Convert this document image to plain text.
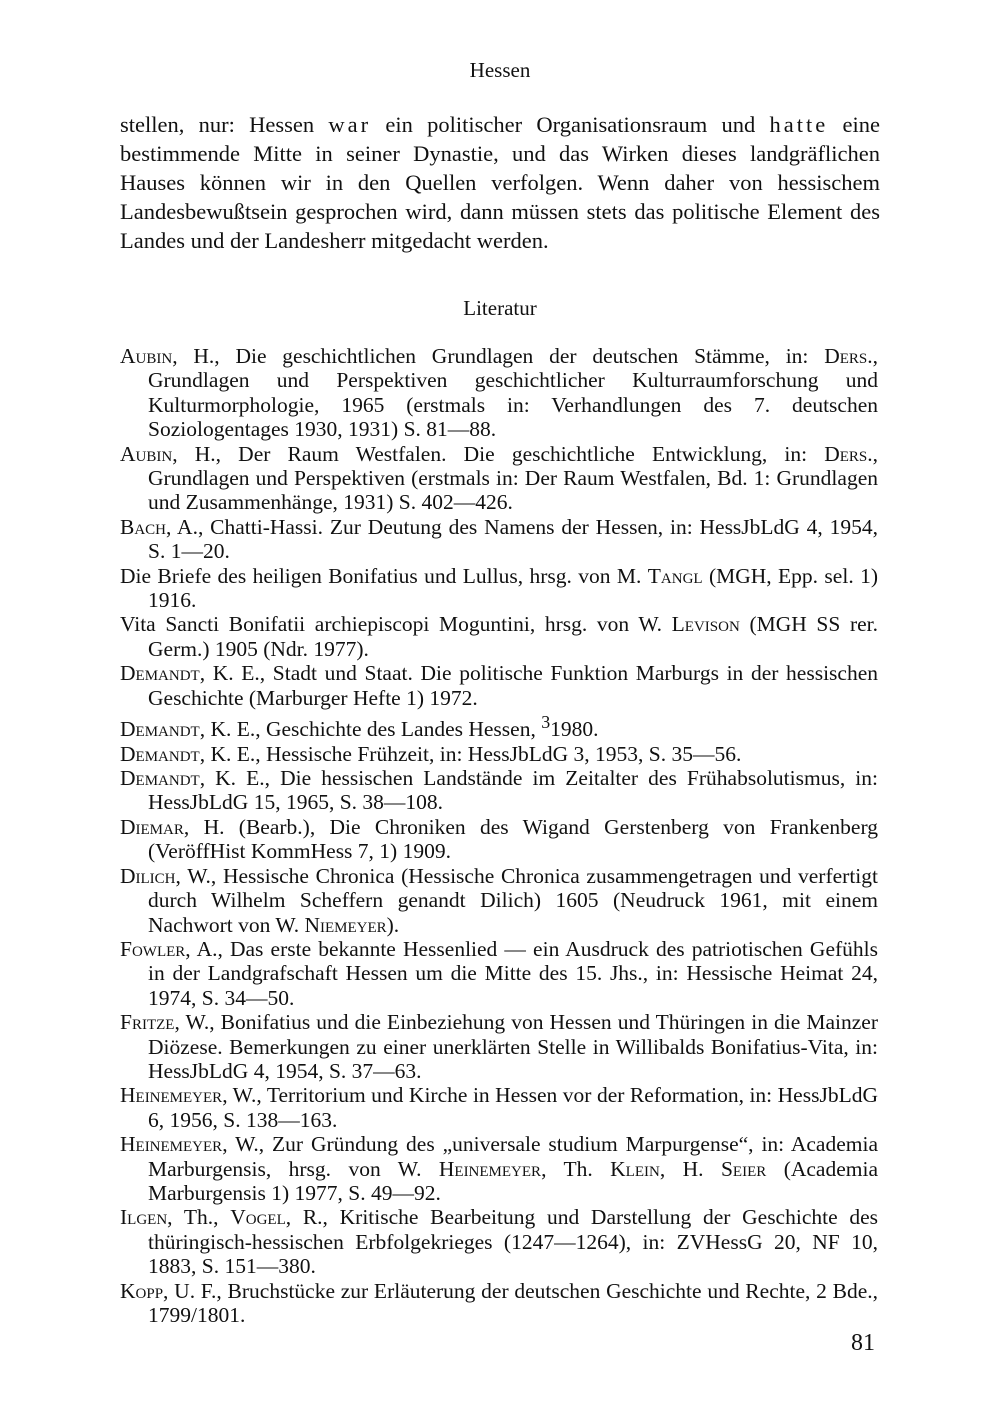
Hessen

stellen, nur: Hessen war ein politischer Organisationsraum und hatte eine bestimmende Mitte in seiner Dynastie, und das Wirken dieses landgräflichen Hauses können wir in den Quellen verfolgen. Wenn daher von hessischem Landesbewußtsein gesprochen wird, dann müssen stets das politische Element des Landes und der Landesherr mitgedacht werden.

Literatur
Aubin, H., Die geschichtlichen Grundlagen der deutschen Stämme, in: Ders., Grundlagen und Perspektiven geschichtlicher Kulturraumforschung und Kulturmorphologie, 1965 (erstmals in: Verhandlungen des 7. deutschen Soziologentages 1930, 1931) S. 81—88.
Aubin, H., Der Raum Westfalen. Die geschichtliche Entwicklung, in: Ders., Grundlagen und Perspektiven (erstmals in: Der Raum Westfalen, Bd. 1: Grundlagen und Zusammenhänge, 1931) S. 402—426.
Bach, A., Chatti-Hassi. Zur Deutung des Namens der Hessen, in: HessJbLdG 4, 1954, S. 1—20.
Die Briefe des heiligen Bonifatius und Lullus, hrsg. von M. Tangl (MGH, Epp. sel. 1) 1916.
Vita Sancti Bonifatii archiepiscopi Moguntini, hrsg. von W. Levison (MGH SS rer. Germ.) 1905 (Ndr. 1977).
Demandt, K. E., Stadt und Staat. Die politische Funktion Marburgs in der hessischen Geschichte (Marburger Hefte 1) 1972.
Demandt, K. E., Geschichte des Landes Hessen, $^3$1980.
Demandt, K. E., Hessische Frühzeit, in: HessJbLdG 3, 1953, S. 35—56.
Demandt, K. E., Die hessischen Landstände im Zeitalter des Frühabsolutismus, in: HessJbLdG 15, 1965, S. 38—108.
Diemar, H. (Bearb.), Die Chroniken des Wigand Gerstenberg von Frankenberg (VeröffHist KommHess 7, 1) 1909.
Dilich, W., Hessische Chronica (Hessische Chronica zusammengetragen und verfertigt durch Wilhelm Scheffern genandt Dilich) 1605 (Neudruck 1961, mit einem Nachwort von W. Niemeyer).
Fowler, A., Das erste bekannte Hessenlied — ein Ausdruck des patriotischen Gefühls in der Landgrafschaft Hessen um die Mitte des 15. Jhs., in: Hessische Heimat 24, 1974, S. 34—50.
Fritze, W., Bonifatius und die Einbeziehung von Hessen und Thüringen in die Mainzer Diözese. Bemerkungen zu einer unerklärten Stelle in Willibalds Bonifatius-Vita, in: HessJbLdG 4, 1954, S. 37—63.
Heinemeyer, W., Territorium und Kirche in Hessen vor der Reformation, in: HessJbLdG 6, 1956, S. 138—163.
Heinemeyer, W., Zur Gründung des „universale studium Marpurgense“, in: Academia Marburgensis, hrsg. von W. Heinemeyer, Th. Klein, H. Seier (Academia Marburgensis 1) 1977, S. 49—92.
Ilgen, Th., Vogel, R., Kritische Bearbeitung und Darstellung der Geschichte des thüringisch-hessischen Erbfolgekrieges (1247—1264), in: ZVHessG 20, NF 10, 1883, S. 151—380.
Kopp, U. F., Bruchstücke zur Erläuterung der deutschen Geschichte und Rechte, 2 Bde., 1799/1801.
81
